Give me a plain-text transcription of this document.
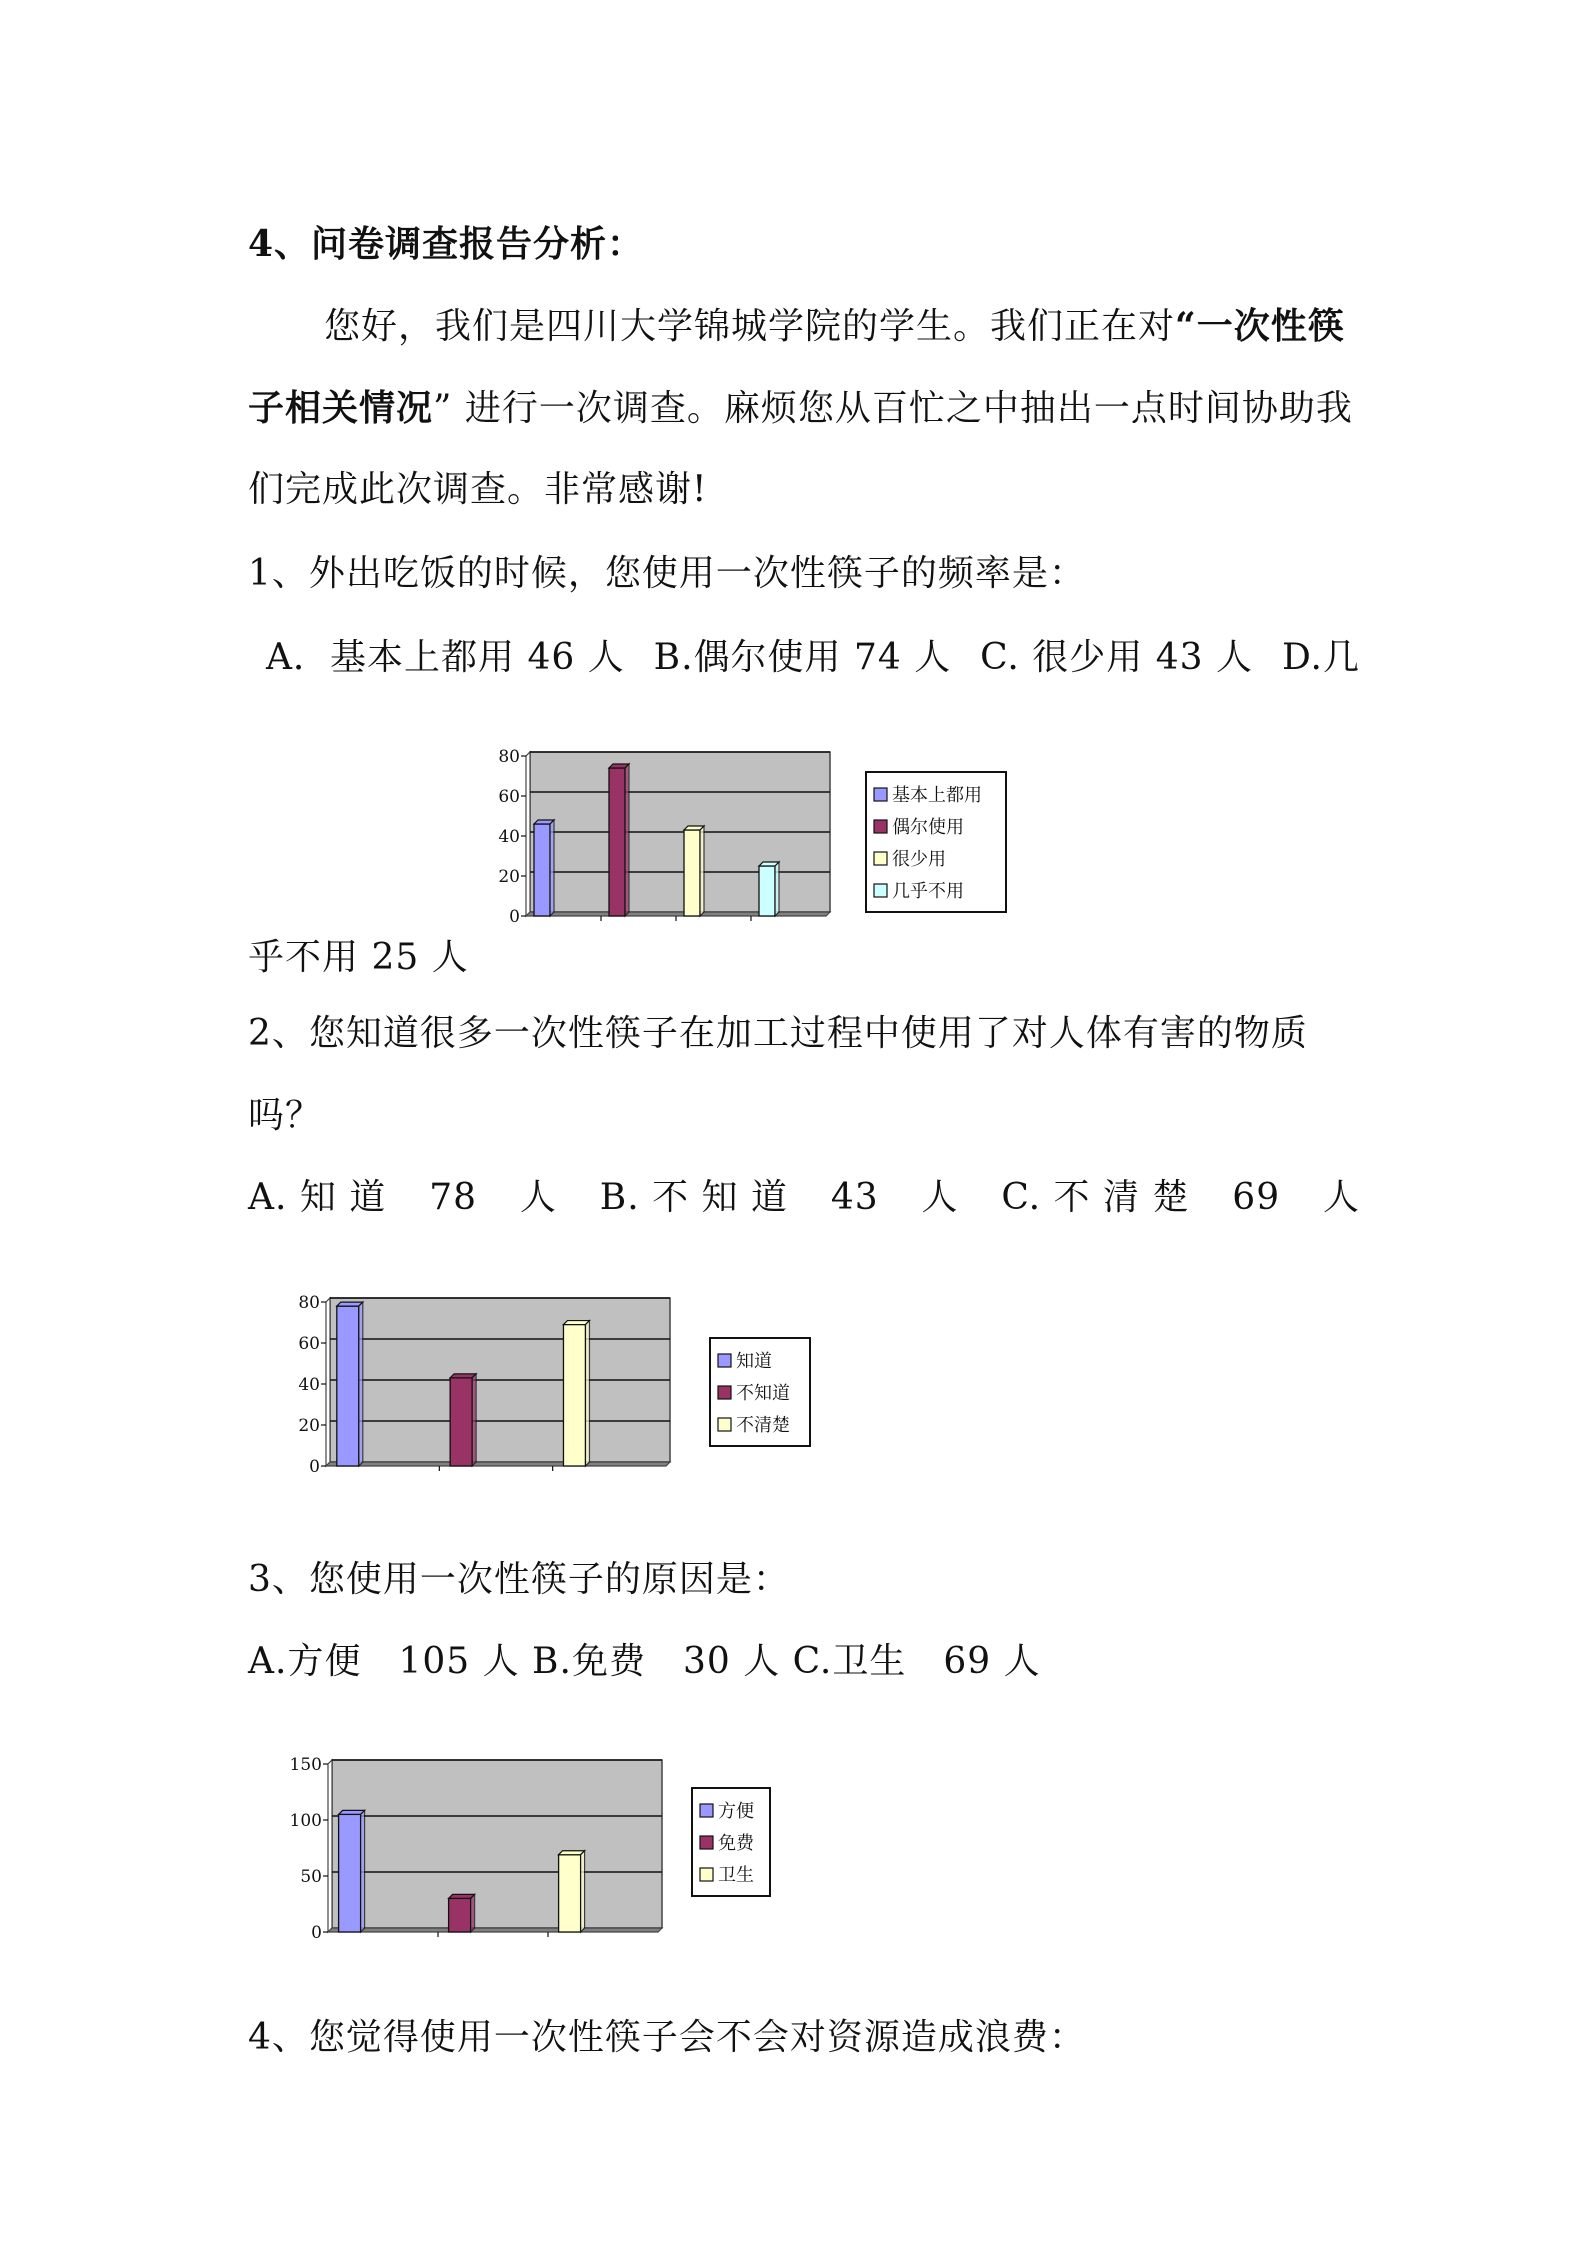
4、问卷调查报告分析：
您好，我们是四川大学锦城学院的学生。我们正在对“一次性筷
子相关情况” 进行一次调查。麻烦您从百忙之中抽出一点时间协助我
们完成此次调查。非常感谢!
1、外出吃饭的时候，您使用一次性筷子的频率是：
A．基本上都用 46 人 B.偶尔使用 74 人 C. 很少用 43 人 D.几
0
20
40
60
80
基本上都用
偶尔使用
很少用
几乎不用
乎不用 25 人
2、您知道很多一次性筷子在加工过程中使用了对人体有害的物质
吗？
A. 知 道 78 人 B. 不 知 道 43 人 C. 不 清 楚 69 人
0
20
40
60
80
知道
不知道
不清楚
3、您使用一次性筷子的原因是：
A.方便　105 人 B.免费　30 人 C.卫生　69 人
0
50
100
150
方便
免费
卫生
4、您觉得使用一次性筷子会不会对资源造成浪费：
